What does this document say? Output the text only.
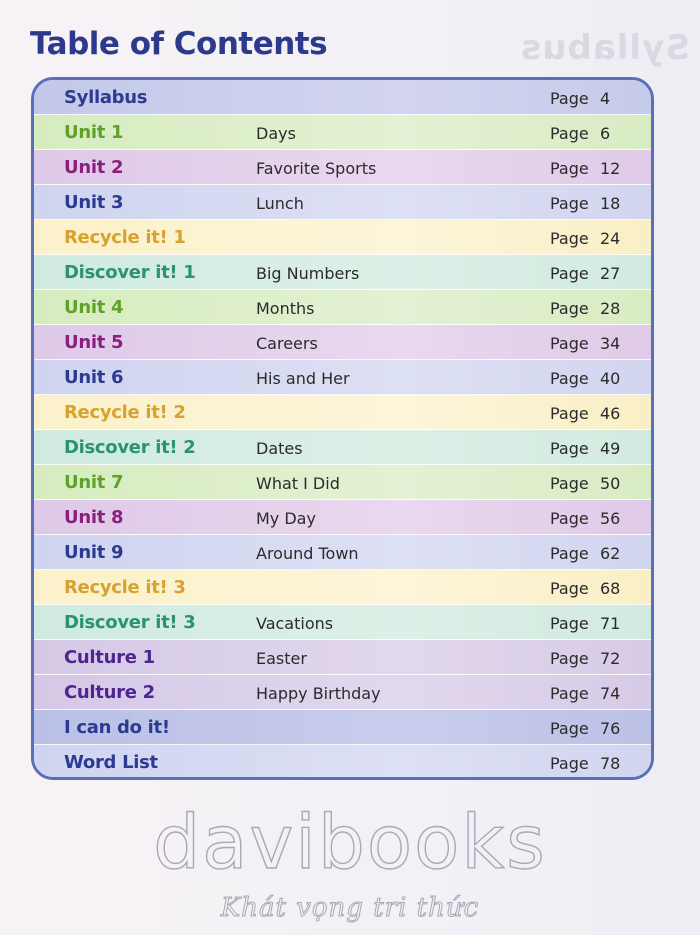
Syllabus
Table of Contents
Syllabus	Page 4
Unit 1	Days	Page 6
Unit 2	Favorite Sports	Page 12
Unit 3	Lunch	Page 18
Recycle it! 1	Page 24
Discover it! 1	Big Numbers	Page 27
Unit 4	Months	Page 28
Unit 5	Careers	Page 34
Unit 6	His and Her	Page 40
Recycle it! 2	Page 46
Discover it! 2	Dates	Page 49
Unit 7	What I Did	Page 50
Unit 8	My Day	Page 56
Unit 9	Around Town	Page 62
Recycle it! 3	Page 68
Discover it! 3	Vacations	Page 71
Culture 1	Easter	Page 72
Culture 2	Happy Birthday	Page 74
I can do it!	Page 76
Word List	Page 78
davibooks
Khát vọng tri thức
